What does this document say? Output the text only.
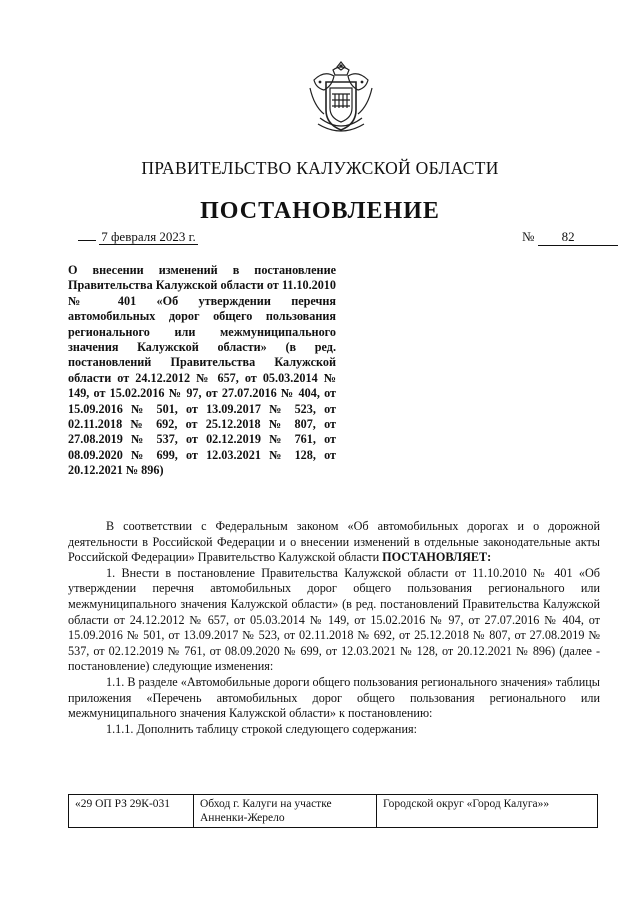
ПРАВИТЕЛЬСТВО КАЛУЖСКОЙ ОБЛАСТИ
ПОСТАНОВЛЕНИЕ
7 февраля 2023 г.	№ 82
О внесении изменений в постановление Правительства Калужской области от 11.10.2010 № 401 «Об утверждении перечня автомобильных дорог общего пользования регионального или межмуниципального значения Калужской области» (в ред. постановлений Правительства Калужской области от 24.12.2012 № 657, от 05.03.2014 № 149, от 15.02.2016 № 97, от 27.07.2016 № 404, от 15.09.2016 № 501, от 13.09.2017 № 523, от 02.11.2018 № 692, от 25.12.2018 № 807, от 27.08.2019 № 537, от 02.12.2019 № 761, от 08.09.2020 № 699, от 12.03.2021 № 128, от 20.12.2021 № 896)

В соответствии с Федеральным законом «Об автомобильных дорогах и о дорожной деятельности в Российской Федерации и о внесении изменений в отдельные законодательные акты Российской Федерации» Правительство Калужской области ПОСТАНОВЛЯЕТ:

1. Внести в постановление Правительства Калужской области от 11.10.2010 № 401 «Об утверждении перечня автомобильных дорог общего пользования регионального или межмуниципального значения Калужской области» (в ред. постановлений Правительства Калужской области от 24.12.2012 № 657, от 05.03.2014 № 149, от 15.02.2016 № 97, от 27.07.2016 № 404, от 15.09.2016 № 501, от 13.09.2017 № 523, от 02.11.2018 № 692, от 25.12.2018 № 807, от 27.08.2019 № 537, от 02.12.2019 № 761, от 08.09.2020 № 699, от 12.03.2021 № 128, от 20.12.2021 № 896) (далее - постановление) следующие изменения:

1.1. В разделе «Автомобильные дороги общего пользования регионального значения» таблицы приложения «Перечень автомобильных дорог общего пользования регионального или межмуниципального значения Калужской области» к постановлению:

1.1.1. Дополнить таблицу строкой следующего содержания:

«29 ОП РЗ 29К-031	Обход г. Калуги на участке Анненки-Жерело	Городской округ «Город Калуга»»
